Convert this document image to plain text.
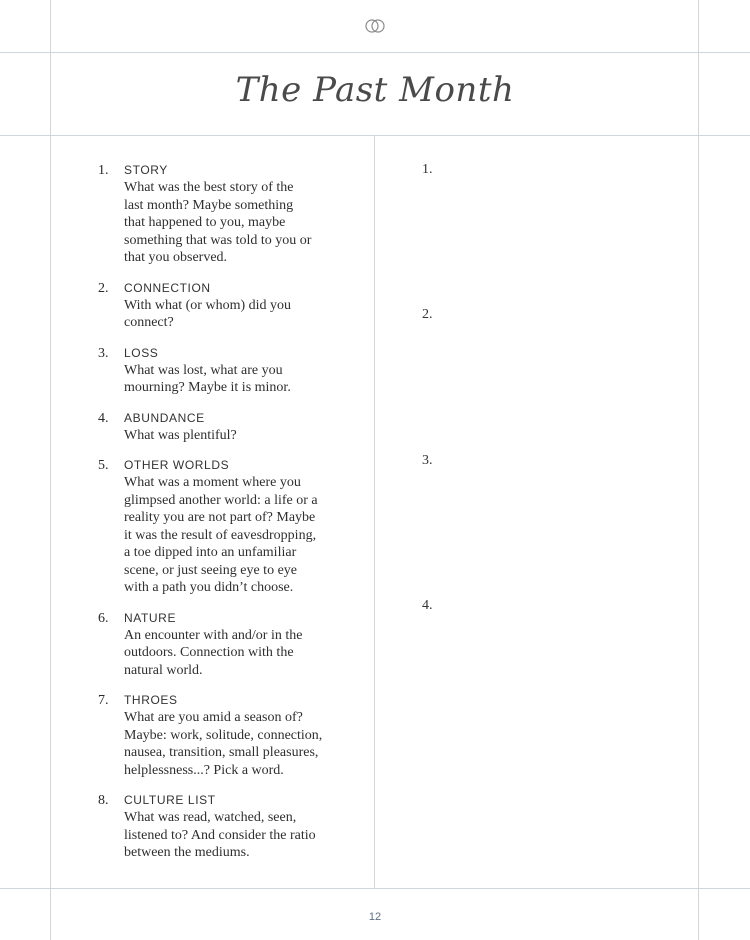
The Past Month
1. STORY
What was the best story of the last month? Maybe something that happened to you, maybe something that was told to you or that you observed.
2. CONNECTION
With what (or whom) did you connect?
3. LOSS
What was lost, what are you mourning? Maybe it is minor.
4. ABUNDANCE
What was plentiful?
5. OTHER WORLDS
What was a moment where you glimpsed another world: a life or a reality you are not part of? Maybe it was the result of eavesdropping, a toe dipped into an unfamiliar scene, or just seeing eye to eye with a path you didn’t choose.
6. NATURE
An encounter with and/or in the outdoors. Connection with the natural world.
7. THROES
What are you amid a season of? Maybe: work, solitude, connection, nausea, transition, small pleasures, helplessness...? Pick a word.
8. CULTURE LIST
What was read, watched, seen, listened to? And consider the ratio between the mediums.
1.
2.
3.
4.
12
